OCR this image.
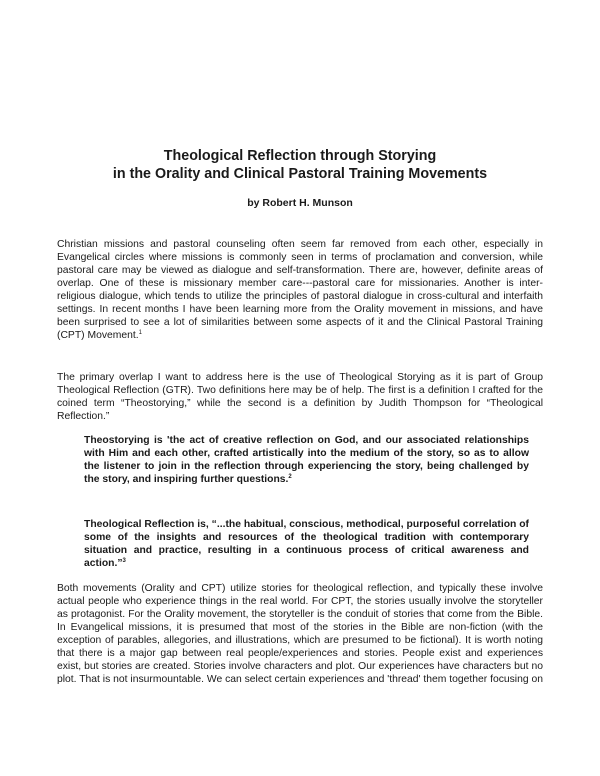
Theological Reflection through Storying
in the Orality and Clinical Pastoral Training Movements
by Robert H. Munson

Christian missions and pastoral counseling often seem far removed from each other, especially in Evangelical circles where missions is commonly seen in terms of proclamation and conversion, while pastoral care may be viewed as dialogue and self-transformation. There are, however, definite areas of overlap. One of these is missionary member care---pastoral care for missionaries. Another is inter-religious dialogue, which tends to utilize the principles of pastoral dialogue in cross-cultural and interfaith settings. In recent months I have been learning more from the Orality movement in missions, and have been surprised to see a lot of similarities between some aspects of it and the Clinical Pastoral Training (CPT) Movement.$^1$

The primary overlap I want to address here is the use of Theological Storying as it is part of Group Theological Reflection (GTR). Two definitions here may be of help. The first is a definition I crafted for the coined term “Theostorying,” while the second is a definition by Judith Thompson for “Theological Reflection.”

Theostorying is 'the act of creative reflection on God, and our associated relationships with Him and each other, crafted artistically into the medium of the story, so as to allow the listener to join in the reflection through experiencing the story, being challenged by the story, and inspiring further questions.$^2$

Theological Reflection is, “...the habitual, conscious, methodical, purposeful correlation of some of the insights and resources of the theological tradition with contemporary situation and practice, resulting in a continuous process of critical awareness and action.”$^3$

Both movements (Orality and CPT) utilize stories for theological reflection, and typically these involve actual people who experience things in the real world. For CPT, the stories usually involve the storyteller as protagonist. For the Orality movement, the storyteller is the conduit of stories that come from the Bible. In Evangelical missions, it is presumed that most of the stories in the Bible are non-fiction (with the exception of parables, allegories, and illustrations, which are presumed to be fictional). It is worth noting that there is a major gap between real people/experiences and stories. People exist and experiences exist, but stories are created. Stories involve characters and plot. Our experiences have characters but no plot. That is not insurmountable. We can select certain experiences and 'thread' them together focusing on
